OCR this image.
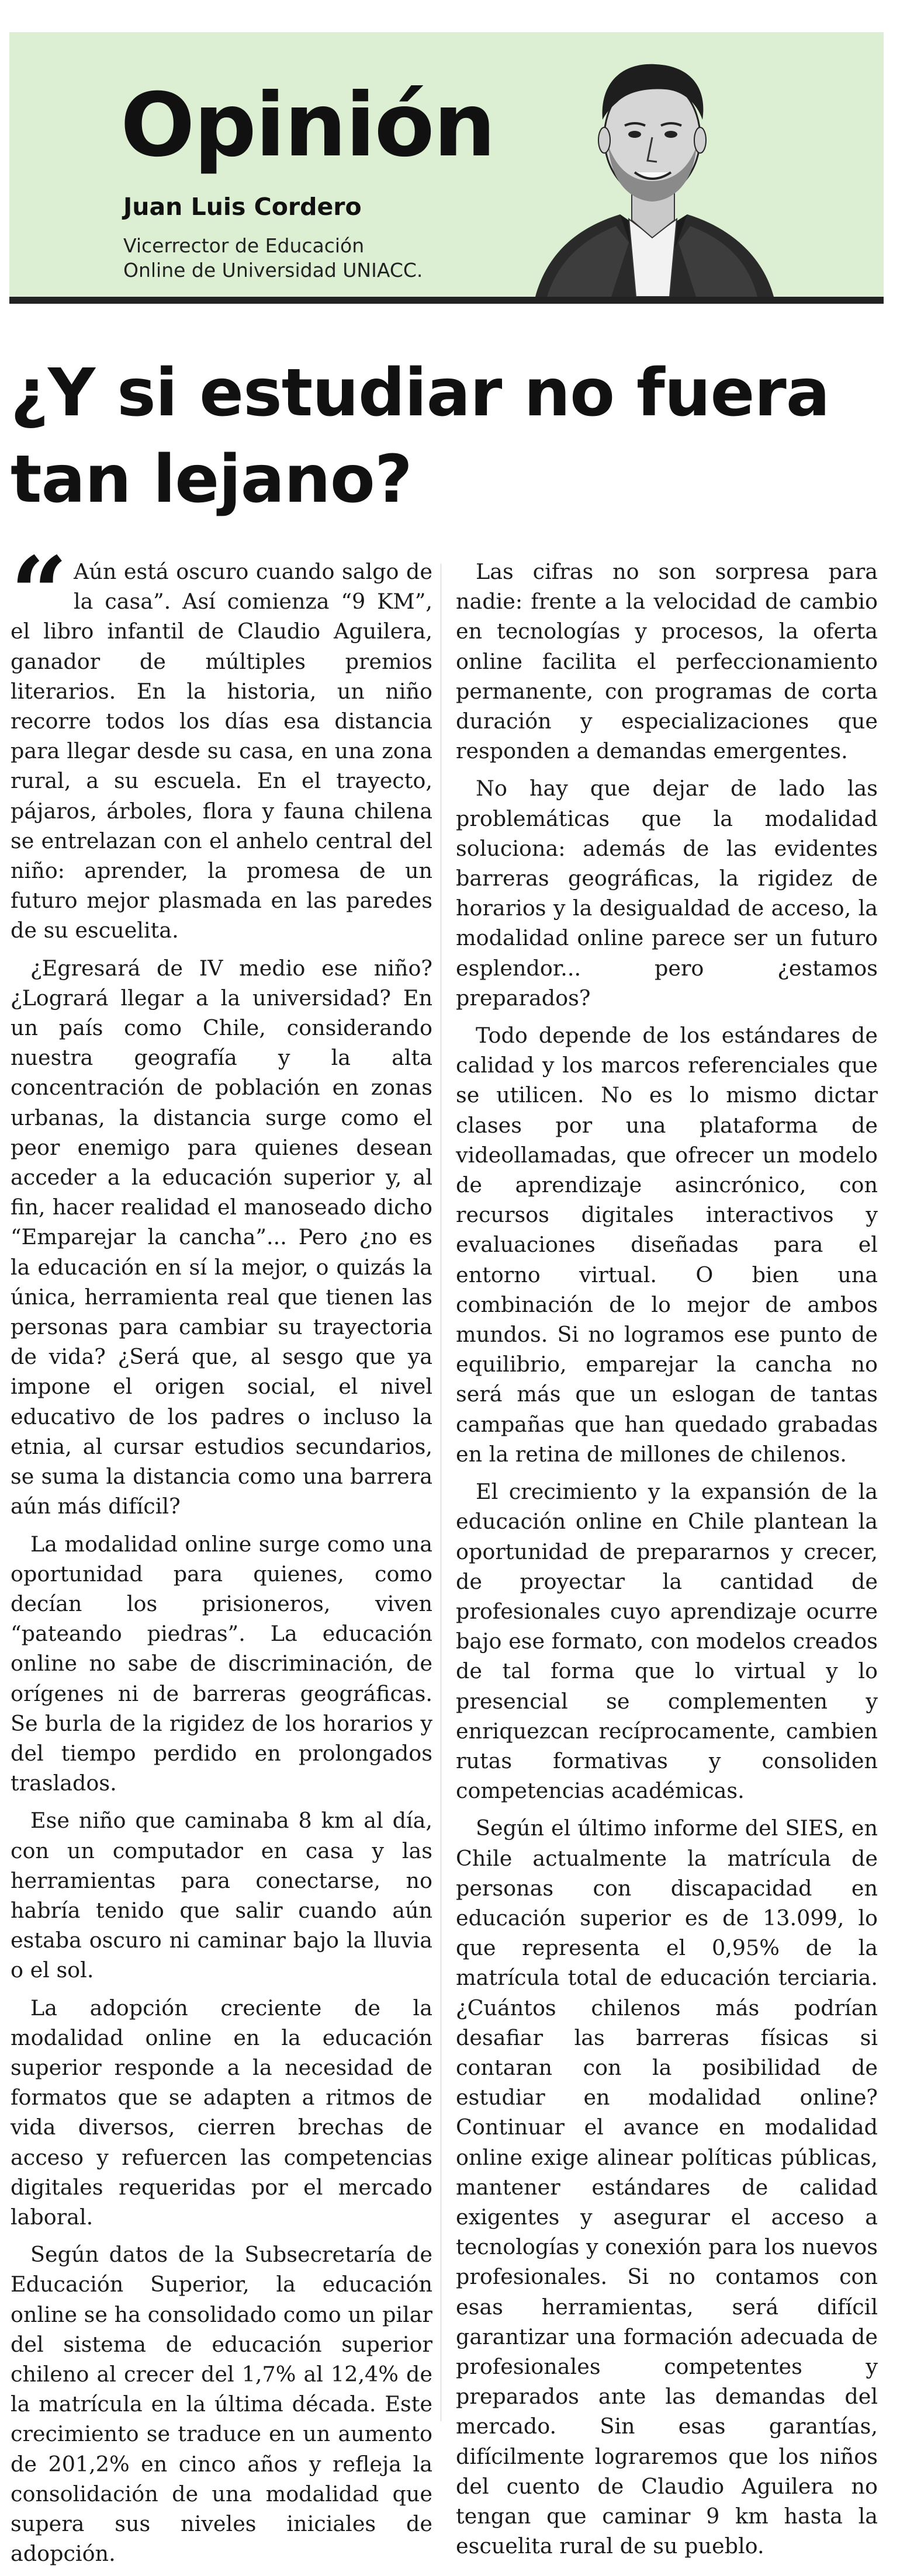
Opinión
Juan Luis Cordero
Vicerrector de Educación
Online de Universidad UNIACC.
¿Y si estudiar no fuera
tan lejano?
“ Aún está oscuro cuando salgo de la casa”. Así comienza “9 KM”, el libro infantil de Claudio Aguilera, ganador de múltiples premios literarios. En la historia, un niño recorre todos los días esa distancia para llegar desde su casa, en una zona rural, a su escuela. En el trayecto, pájaros, árboles, flora y fauna chilena se entrelazan con el anhelo central del niño: aprender, la promesa de un futuro mejor plasmada en las paredes de su escuelita.

¿Egresará de IV medio ese niño? ¿Logrará llegar a la universidad? En un país como Chile, considerando nuestra geografía y la alta concentración de población en zonas urbanas, la distancia surge como el peor enemigo para quienes desean acceder a la educación superior y, al fin, hacer realidad el manoseado dicho “Emparejar la cancha”... Pero ¿no es la educación en sí la mejor, o quizás la única, herramienta real que tienen las personas para cambiar su trayectoria de vida? ¿Será que, al sesgo que ya impone el origen social, el nivel educativo de los padres o incluso la etnia, al cursar estudios secundarios, se suma la distancia como una barrera aún más difícil?

La modalidad online surge como una oportunidad para quienes, como decían los prisioneros, viven “pateando piedras”. La educación online no sabe de discriminación, de orígenes ni de barreras geográficas. Se burla de la rigidez de los horarios y del tiempo perdido en prolongados traslados.

Ese niño que caminaba 8 km al día, con un computador en casa y las herramientas para conectarse, no habría tenido que salir cuando aún estaba oscuro ni caminar bajo la lluvia o el sol.

La adopción creciente de la modalidad online en la educación superior responde a la necesidad de formatos que se adapten a ritmos de vida diversos, cierren brechas de acceso y refuercen las competencias digitales requeridas por el mercado laboral.

Según datos de la Subsecretaría de Educación Superior, la educación online se ha consolidado como un pilar del sistema de educación superior chileno al crecer del 1,7% al 12,4% de la matrícula en la última década. Este crecimiento se traduce en un aumento de 201,2% en cinco años y refleja la consolidación de una modalidad que supera sus niveles iniciales de adopción.

Las cifras no son sorpresa para nadie: frente a la velocidad de cambio en tecnologías y procesos, la oferta online facilita el perfeccionamiento permanente, con programas de corta duración y especializaciones que responden a demandas emergentes.

No hay que dejar de lado las problemáticas que la modalidad soluciona: además de las evidentes barreras geográficas, la rigidez de horarios y la desigualdad de acceso, la modalidad online parece ser un futuro esplendor... pero ¿estamos preparados?

Todo depende de los estándares de calidad y los marcos referenciales que se utilicen. No es lo mismo dictar clases por una plataforma de videollamadas, que ofrecer un modelo de aprendizaje asincrónico, con recursos digitales interactivos y evaluaciones diseñadas para el entorno virtual. O bien una combinación de lo mejor de ambos mundos. Si no logramos ese punto de equilibrio, emparejar la cancha no será más que un eslogan de tantas campañas que han quedado grabadas en la retina de millones de chilenos.

El crecimiento y la expansión de la educación online en Chile plantean la oportunidad de prepararnos y crecer, de proyectar la cantidad de profesionales cuyo aprendizaje ocurre bajo ese formato, con modelos creados de tal forma que lo virtual y lo presencial se complementen y enriquezcan recíprocamente, cambien rutas formativas y consoliden competencias académicas.

Según el último informe del SIES, en Chile actualmente la matrícula de personas con discapacidad en educación superior es de 13.099, lo que representa el 0,95% de la matrícula total de educación terciaria. ¿Cuántos chilenos más podrían desafiar las barreras físicas si contaran con la posibilidad de estudiar en modalidad online? Continuar el avance en modalidad online exige alinear políticas públicas, mantener estándares de calidad exigentes y asegurar el acceso a tecnologías y conexión para los nuevos profesionales. Si no contamos con esas herramientas, será difícil garantizar una formación adecuada de profesionales competentes y preparados ante las demandas del mercado. Sin esas garantías, difícilmente lograremos que los niños del cuento de Claudio Aguilera no tengan que caminar 9 km hasta la escuelita rural de su pueblo.
